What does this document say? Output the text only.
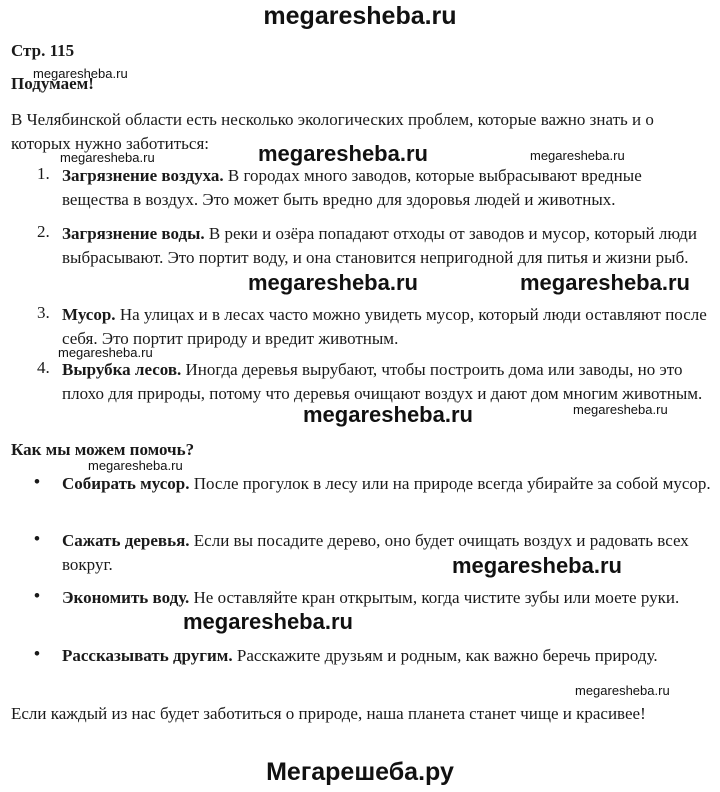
megaresheba.ru
Стр. 115
megaresheba.ru
Подумаем!
В Челябинской области есть несколько экологических проблем, которые важно знать и о которых нужно заботиться:
megaresheba.ru	megaresheba.ru	megaresheba.ru
1. Загрязнение воздуха. В городах много заводов, которые выбрасывают вредные вещества в воздух. Это может быть вредно для здоровья людей и животных.
2. Загрязнение воды. В реки и озёра попадают отходы от заводов и мусор, который люди выбрасывают. Это портит воду, и она становится непригодной для питья и жизни рыб.
megaresheba.ru	megaresheba.ru
3. Мусор. На улицах и в лесах часто можно увидеть мусор, который люди оставляют после себя. Это портит природу и вредит животным.
megaresheba.ru
4. Вырубка лесов. Иногда деревья вырубают, чтобы построить дома или заводы, но это плохо для природы, потому что деревья очищают воздух и дают дом многим животным.
megaresheba.ru	megaresheba.ru
Как мы можем помочь?
megaresheba.ru
• Собирать мусор. После прогулок в лесу или на природе всегда убирайте за собой мусор.
• Сажать деревья. Если вы посадите дерево, оно будет очищать воздух и радовать всех вокруг.	megaresheba.ru
• Экономить воду. Не оставляйте кран открытым, когда чистите зубы или моете руки.
megaresheba.ru
• Рассказывать другим. Расскажите друзьям и родным, как важно беречь природу.
megaresheba.ru
Если каждый из нас будет заботиться о природе, наша планета станет чище и красивее!
Мегарешеба.ру
